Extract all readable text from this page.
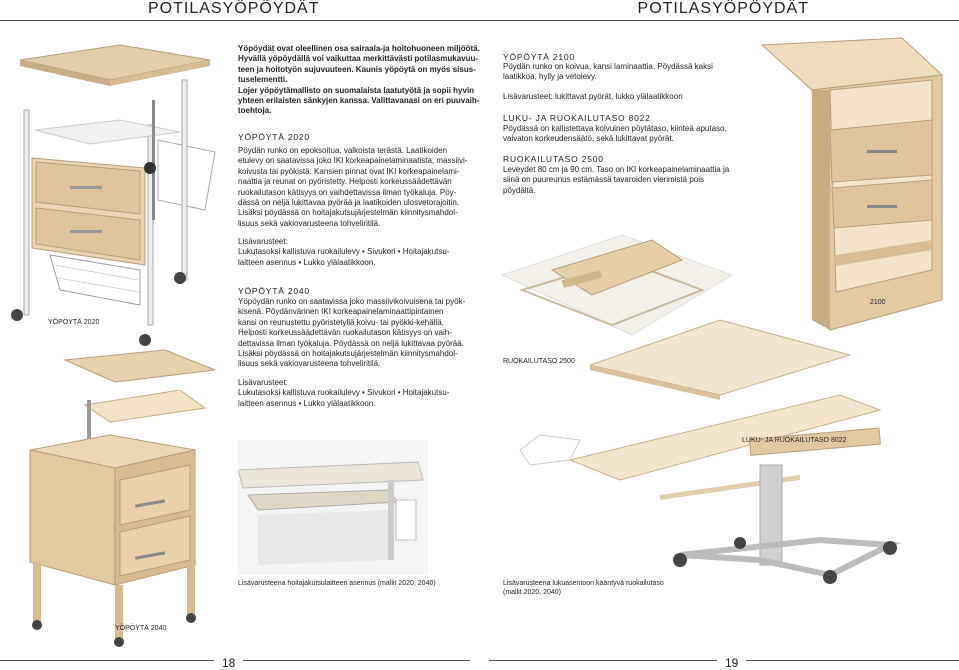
POTILASYÖPÖYDÄT	POTILASYÖPÖYDÄT
Yöpöydät ovat oleellinen osa sairaala-ja hoitohuoneen miljöötä.
Hyvällä yöpöydällä voi vaikuttaa merkittävästi potilasmukavuu-
teen ja hoitotyön sujuvuuteen. Kaunis yöpöytä on myös sisus-
tuselementti.
Lojer yöpöytämallisto on suomalaista laatutyötä ja sopii hyvin
yhteen erilaisten sänkyjen kanssa. Valittavanasi on eri puuvaih-
toehtoja.
YÖPÖYTÄ 2020
Pöydän runko on epoksoitua, valkoista terästä. Laatikoiden
etulevy on saatavissa joko IKI korkeapainelaminaatista, massiivi-
koivusta tai pyökistä. Kansien pinnat ovat IKI korkeapainelami-
naattia ja reunat on pyöristetty. Helposti korkeussäädettävän
ruokailutason kätisyys on vaihdettavissa ilman työkaluja. Pöy-
dässä on neljä lukittavaa pyörää ja laatikoiden ulosvetorajoitin.
Lisäksi pöydässä on hoitajakutsujärjestelmän kiinnitysmahdol-
lisuus sekä vakiovarusteena tohveliritilä.
Lisävarusteet:
Lukutasoksi kallistuva ruokailulevy • Sivukori • Hoitajakutsu-
laitteen asennus • Lukko ylälaatikkoon.
YÖPÖYTÄ 2040
Yöpöydän runko on saatavissa joko massiivikoivuisena tai pyök-
kisenä. Pöydänvärinen IKI korkeapainelaminaattipintainen
kansi on reunustettu pyöristetyllä koivu- tai pyökki-kehällä.
Helposti korkeussäädettävän ruokailutason kätisyys on vaih-
dettavissa ilman työkaluja. Pöydässä on neljä lukittavaa pyörää.
Lisäksi pöydässä on hoitajakutsujärjestelmän kiinnitysmahdol-
lisuus sekä vakiovarusteena tohveliritilä.
Lisävarusteet:
Lukutasoksi kallistuva ruokailulevy • Sivukori • Hoitajakutsu-
laitteen asennus • Lukko ylälaatikkoon.
YÖPÖYTÄ 2020
YÖPÖYTÄ 2040
Lisävarusteena hoitajakutsulaitteen asennus (mallit 2020, 2040)
YÖPÖYTÄ 2100
Pöydän runko on koivua, kansi laminaattia. Pöydässä kaksi
laatikkoa, hylly ja vetolevy.
Lisävarusteet: lukittavat pyörät, lukko ylälaatikkoon
LUKU- JA RUOKAILUTASO 8022
Pöydässä on kallistettava koivuinen pöytätaso, kiinteä aputaso,
vaivaton korkeudensäätö, sekä lukittavat pyörät.
RUOKAILUTASO 2500
Leveydet 80 cm ja 90 cm. Taso on IKI korkeapainelaminaattia ja
siinä on puureunus estämässä tavaroiden vierimistä pois
pöydältä.
2100
RUOKAILUTASO 2500
LUKU- JA RUOKAILUTASO 8022
Lisävarusteena lukuasentoon kääntyvä ruokailutaso
(mallit 2020, 2040)
18	19
